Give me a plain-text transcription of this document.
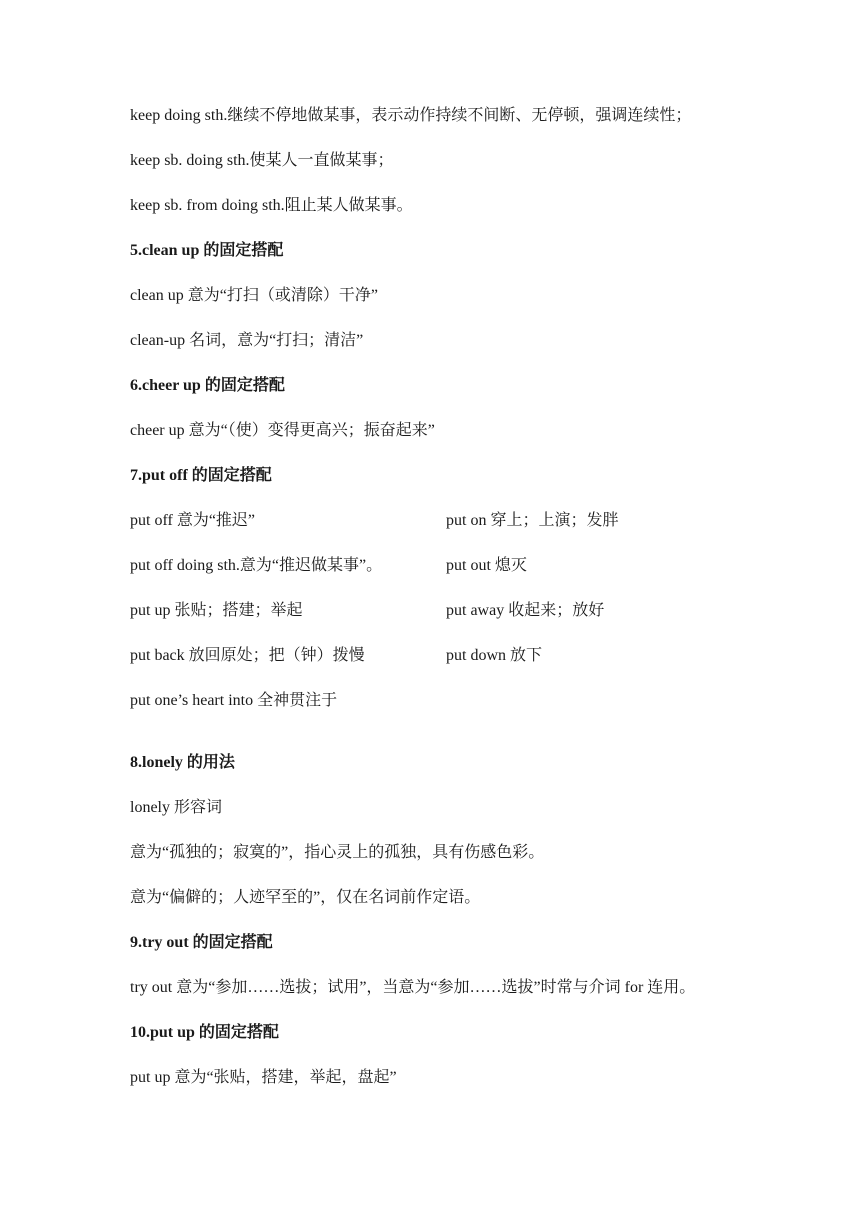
keep doing sth.继续不停地做某事，表示动作持续不间断、无停顿，强调连续性；
keep sb. doing sth.使某人一直做某事；
keep sb. from doing sth.阻止某人做某事。
5.clean up 的固定搭配
clean up 意为“打扫（或清除）干净”
clean-up 名词，意为“打扫；清洁”
6.cheer up 的固定搭配
cheer up 意为“（使）变得更高兴；振奋起来”
7.put off 的固定搭配
put off 意为“推迟”	put on 穿上；上演；发胖
put off doing sth.意为“推迟做某事”。	put out 熄灭
put up 张贴；搭建；举起	put away 收起来；放好
put back 放回原处；把（钟）拨慢	put down 放下
put one’s heart into 全神贯注于
8.lonely 的用法
lonely 形容词
意为“孤独的；寂寞的”，指心灵上的孤独，具有伤感色彩。
意为“偏僻的；人迹罕至的”，仅在名词前作定语。
9.try out 的固定搭配
try out 意为“参加……选拔；试用”，当意为“参加……选拔”时常与介词 for 连用。
10.put up 的固定搭配
put up 意为“张贴，搭建，举起，盘起”
